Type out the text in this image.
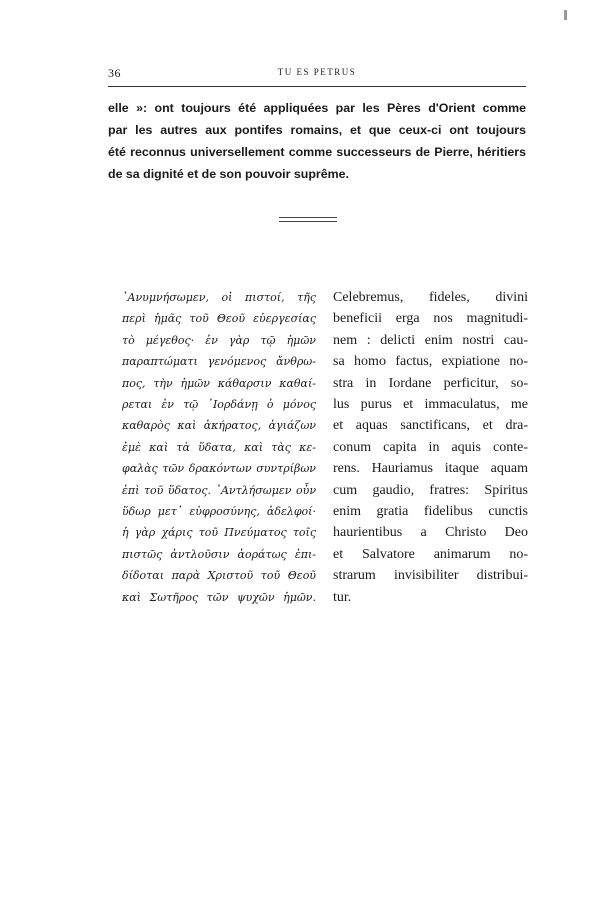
36	TU ES PETRUS

elle »: ont toujours été appliquées par les Pères d'Orient comme
par les autres aux pontifes romains, et que ceux-ci ont toujours
été reconnus universellement comme successeurs de Pierre, héritiers
de sa dignité et de son pouvoir suprême.

᾿Ανυμνήσωμεν, οἱ πιστοί, τῆς
περὶ ἡμᾶς τοῦ Θεοῦ εὐεργεσίας
τὸ μέγεθος· ἐν γὰρ τῷ ἡμῶν
παραπτώματι γενόμενος ἄνθρω-
πος, τὴν ἡμῶν κάθαρσιν καθαί-
ρεται ἐν τῷ ᾿Ιορδάνῃ ὁ μόνος
καθαρὸς καὶ ἀκήρατος, ἁγιάζων
ἐμὲ καὶ τὰ ὕδατα, καὶ τὰς κε-
φαλὰς τῶν δρακόντων συντρίβων
ἐπὶ τοῦ ὕδατος. ᾿Αντλήσωμεν οὖν
ὕδωρ μετ᾿ εὐφροσύνης, ἀδελφοί·
ἡ γὰρ χάρις τοῦ Πνεύματος τοῖς
πιστῶς ἀντλοῦσιν ἀοράτως ἐπι-
δίδοται παρὰ Χριστοῦ τοῦ Θεοῦ
καὶ Σωτῆρος τῶν ψυχῶν ἡμῶν.
Celebremus, fideles, divini
beneficii erga nos magnitudi-
nem : delicti enim nostri cau-
sa homo factus, expiatione no-
stra in Iordane perficitur, so-
lus purus et immaculatus, me
et aquas sanctificans, et dra-
conum capita in aquis conte-
rens. Hauriamus itaque aquam
cum gaudio, fratres: Spiritus
enim gratia fidelibus cunctis
haurientibus a Christo Deo
et Salvatore animarum no-
strarum invisibiliter distribui-
tur.
